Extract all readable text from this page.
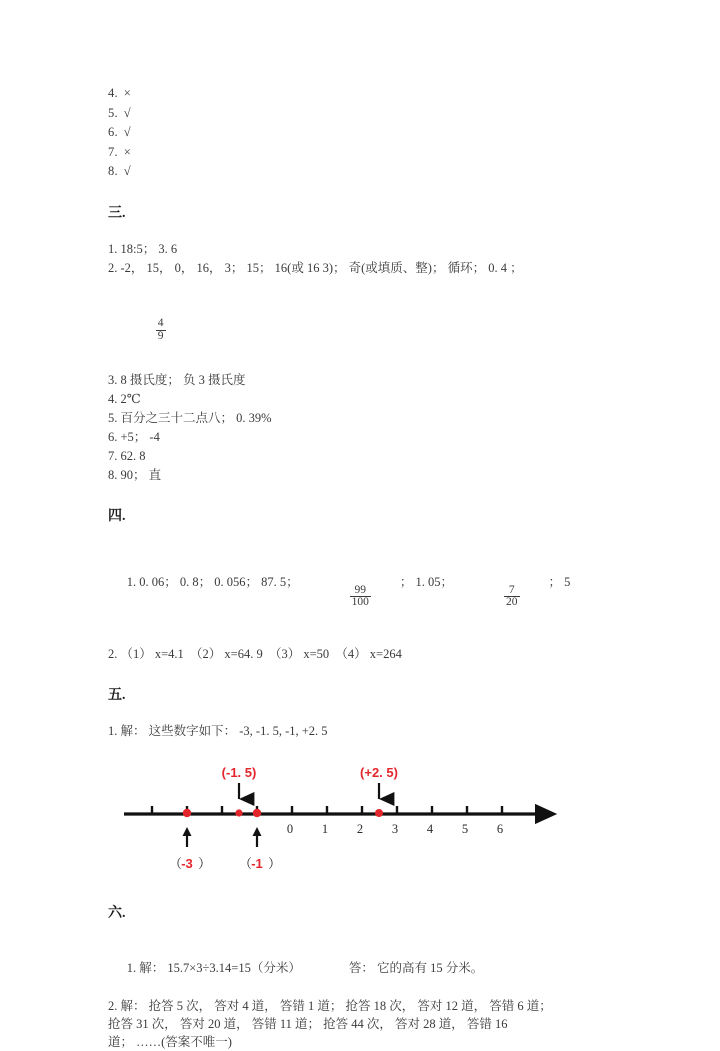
4. ×
5. √
6. √
7. ×
8. √
三.
1. 18:5； 3. 6
2. -2， 15， 0， 16， 3； 15； 16(或 16 3)； 奇(或填质、整)； 循环； 0. 4 ；

$\frac{4}{9}$

3. 8 摄氏度； 负 3 摄氏度
4. 2℃
5. 百分之三十二点八； 0. 39%
6. +5； -4
7. 62. 8
8. 90； 直
四.

1. 0. 06； 0. 8； 0. 056； 87. 5；
$\frac{99}{100}$
； 1. 05；
$\frac{7}{20}$
； 5

2. （1） x=4.1  （2） x=64. 9  （3） x=50  （4） x=264
五.
1. 解： 这些数字如下： -3, -1. 5, -1, +2. 5
0 1 2 3 4 5 6
(-1. 5)	(+2. 5)
（ -3 ） （ -1 ）
六.

1. 解： 15.7×3÷3.14=15（分米）	答： 它的高有 15 分米。

2. 解： 抢答 5 次， 答对 4 道， 答错 1 道； 抢答 18 次， 答对 12 道， 答错 6 道；
抢答 31 次， 答对 20 道， 答错 11 道； 抢答 44 次， 答对 28 道， 答错 16
道； ……(答案不唯一)
